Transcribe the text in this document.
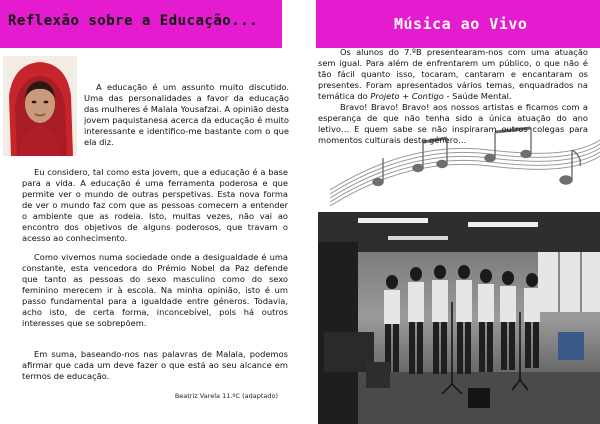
Reflexão sobre a Educação...
A educação é um assunto muito discutido. Uma das personalidades a favor da educação das mulheres é Malala Yousafzai. A opinião desta jovem paquistanesa acerca da educação é muito interessante e identifico-me bastante com o que ela diz.
Eu considero, tal como esta jovem, que a educação é a base para a vida. A educação é uma ferramenta poderosa e que permite ver o mundo de outras perspetivas. Esta nova forma de ver o mundo faz com que as pessoas comecem a entender o ambiente que as rodeia. Isto, muitas vezes, não vai ao encontro dos objetivos de alguns poderosos, que travam o acesso ao conhecimento.
Como vivemos numa sociedade onde a desigualdade é uma constante, esta vencedora do Prémio Nobel da Paz defende que tanto as pessoas do sexo masculino como do sexo feminino merecem ir à escola. Na minha opinião, isto é um passo fundamental para a igualdade entre géneros. Todavia, acho isto, de certa forma, inconcebível, pois há outros interesses que se sobrepõem.
Em suma, baseando-nos nas palavras de Malala, podemos afirmar que cada um deve fazer o que está ao seu alcance em termos de educação.
Beatriz Varela 11.ºC (adaptado)
Música ao Vivo

Os alunos do 7.ºB presentearam-nos com uma atuação sem igual. Para além de enfrentarem um público, o que não é tão fácil quanto isso, tocaram, cantaram e encantaram os presentes. Foram apresentados vários temas, enquadrados na temática do Projeto + Contigo - Saúde Mental.

Bravo! Bravo! Bravo! aos nossos artistas e ficamos com a esperança de que não tenha sido a única atuação do ano letivo… E quem sabe se não inspiraram outros colegas para momentos culturais deste género…
